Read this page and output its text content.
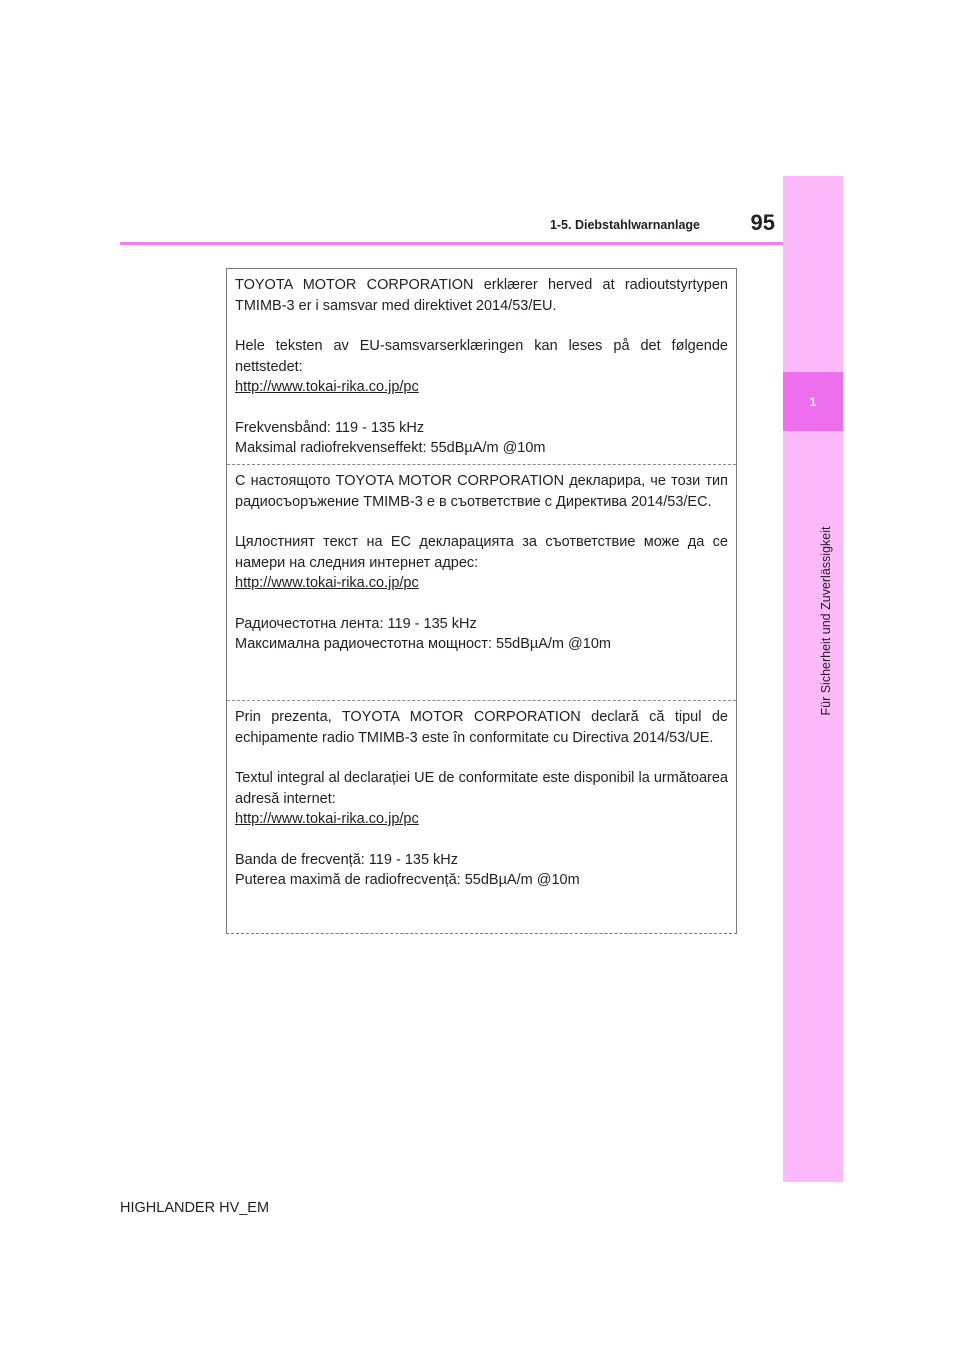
1-5. Diebstahlwarnanlage	95
1
Für Sicherheit und Zuverlässigkeit

TOYOTA MOTOR CORPORATION erklærer herved at radioutstyrtypen TMIMB-3 er i samsvar med direktivet 2014/53/EU.

Hele teksten av EU-samsvarserklæringen kan leses på det følgende nettstedet:
http://www.tokai-rika.co.jp/pc

Frekvensbånd: 119 - 135 kHz
Maksimal radiofrekvenseffekt: 55dBµA/m @10m

С настоящото TOYOTA MOTOR CORPORATION декларира, че този тип радиосъоръжение TMIMB-3 е в съответствие с Директива 2014/53/ЕС.

Цялостният текст на ЕС декларацията за съответствие може да се намери на следния интернет адрес:
http://www.tokai-rika.co.jp/pc

Радиочестотна лента: 119 - 135 kHz
Максимална радиочестотна мощност: 55dBµA/m @10m

Prin prezenta, TOYOTA MOTOR CORPORATION declară că tipul de echipamente radio TMIMB-3 este în conformitate cu Directiva 2014/53/UE.

Textul integral al declarației UE de conformitate este disponibil la următoarea adresă internet:
http://www.tokai-rika.co.jp/pc

Banda de frecvență: 119 - 135 kHz
Puterea maximă de radiofrecvență: 55dBµA/m @10m

HIGHLANDER HV_EM
